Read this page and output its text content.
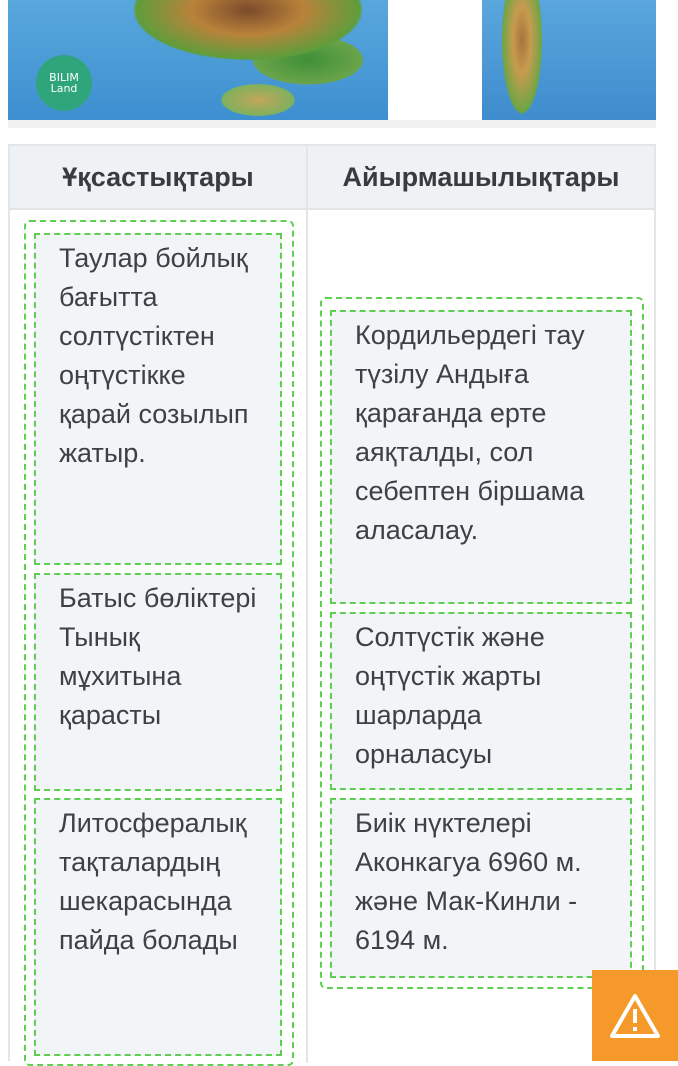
BILIM
Land
Ұқсастықтары	Айырмашылықтары
Таулар бойлық бағытта солтүстіктен оңтүстікке қарай созылып жатыр.
Батыс бөліктері Тынық мұхитына қарасты
Литосфералық тақталардың шекарасында пайда болады
Кордильердегі тау түзілу Андыға қарағанда ерте аяқталды, сол себептен біршама аласалау.
Солтүстік және оңтүстік жарты шарларда орналасуы
Биік нүктелері Аконкагуа 6960 м. және Мак-Кинли - 6194 м.
